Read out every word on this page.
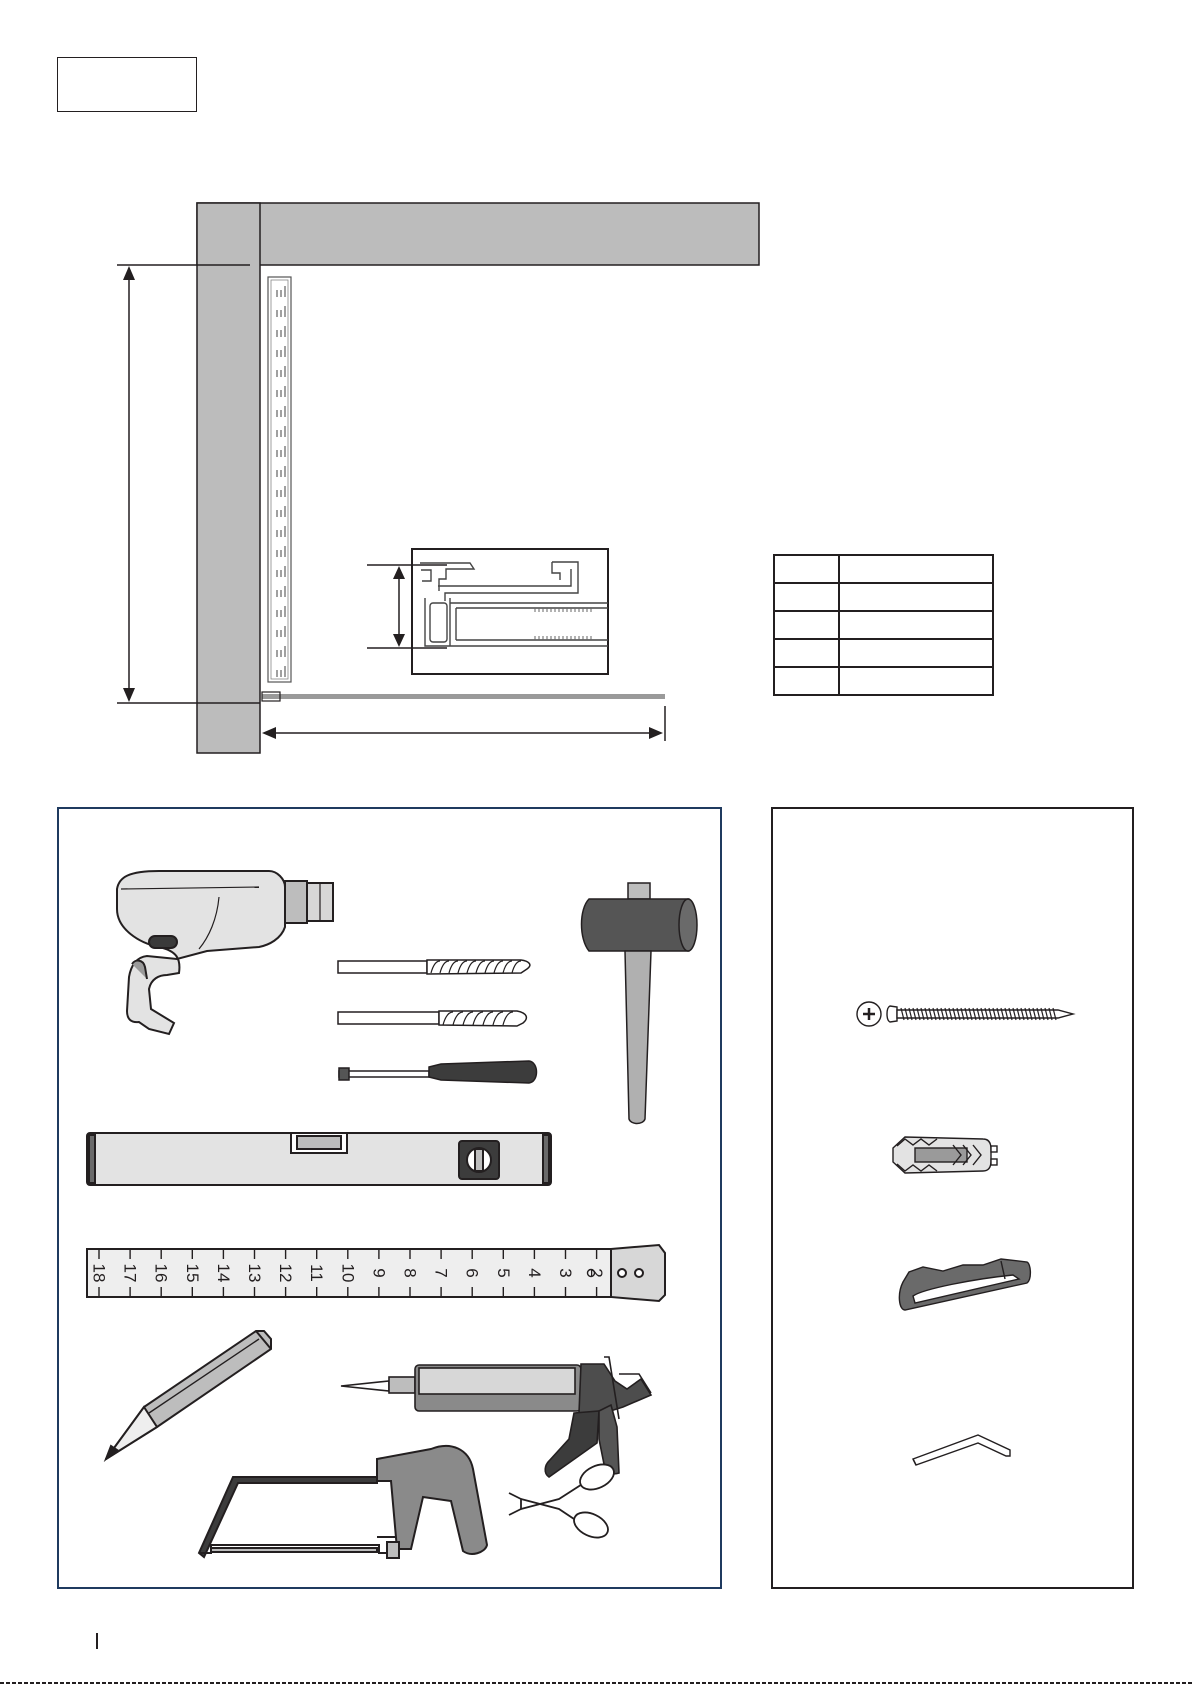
18 17 16 15 14 13 12 11 10 9 8 7 6 5 4 3 2
